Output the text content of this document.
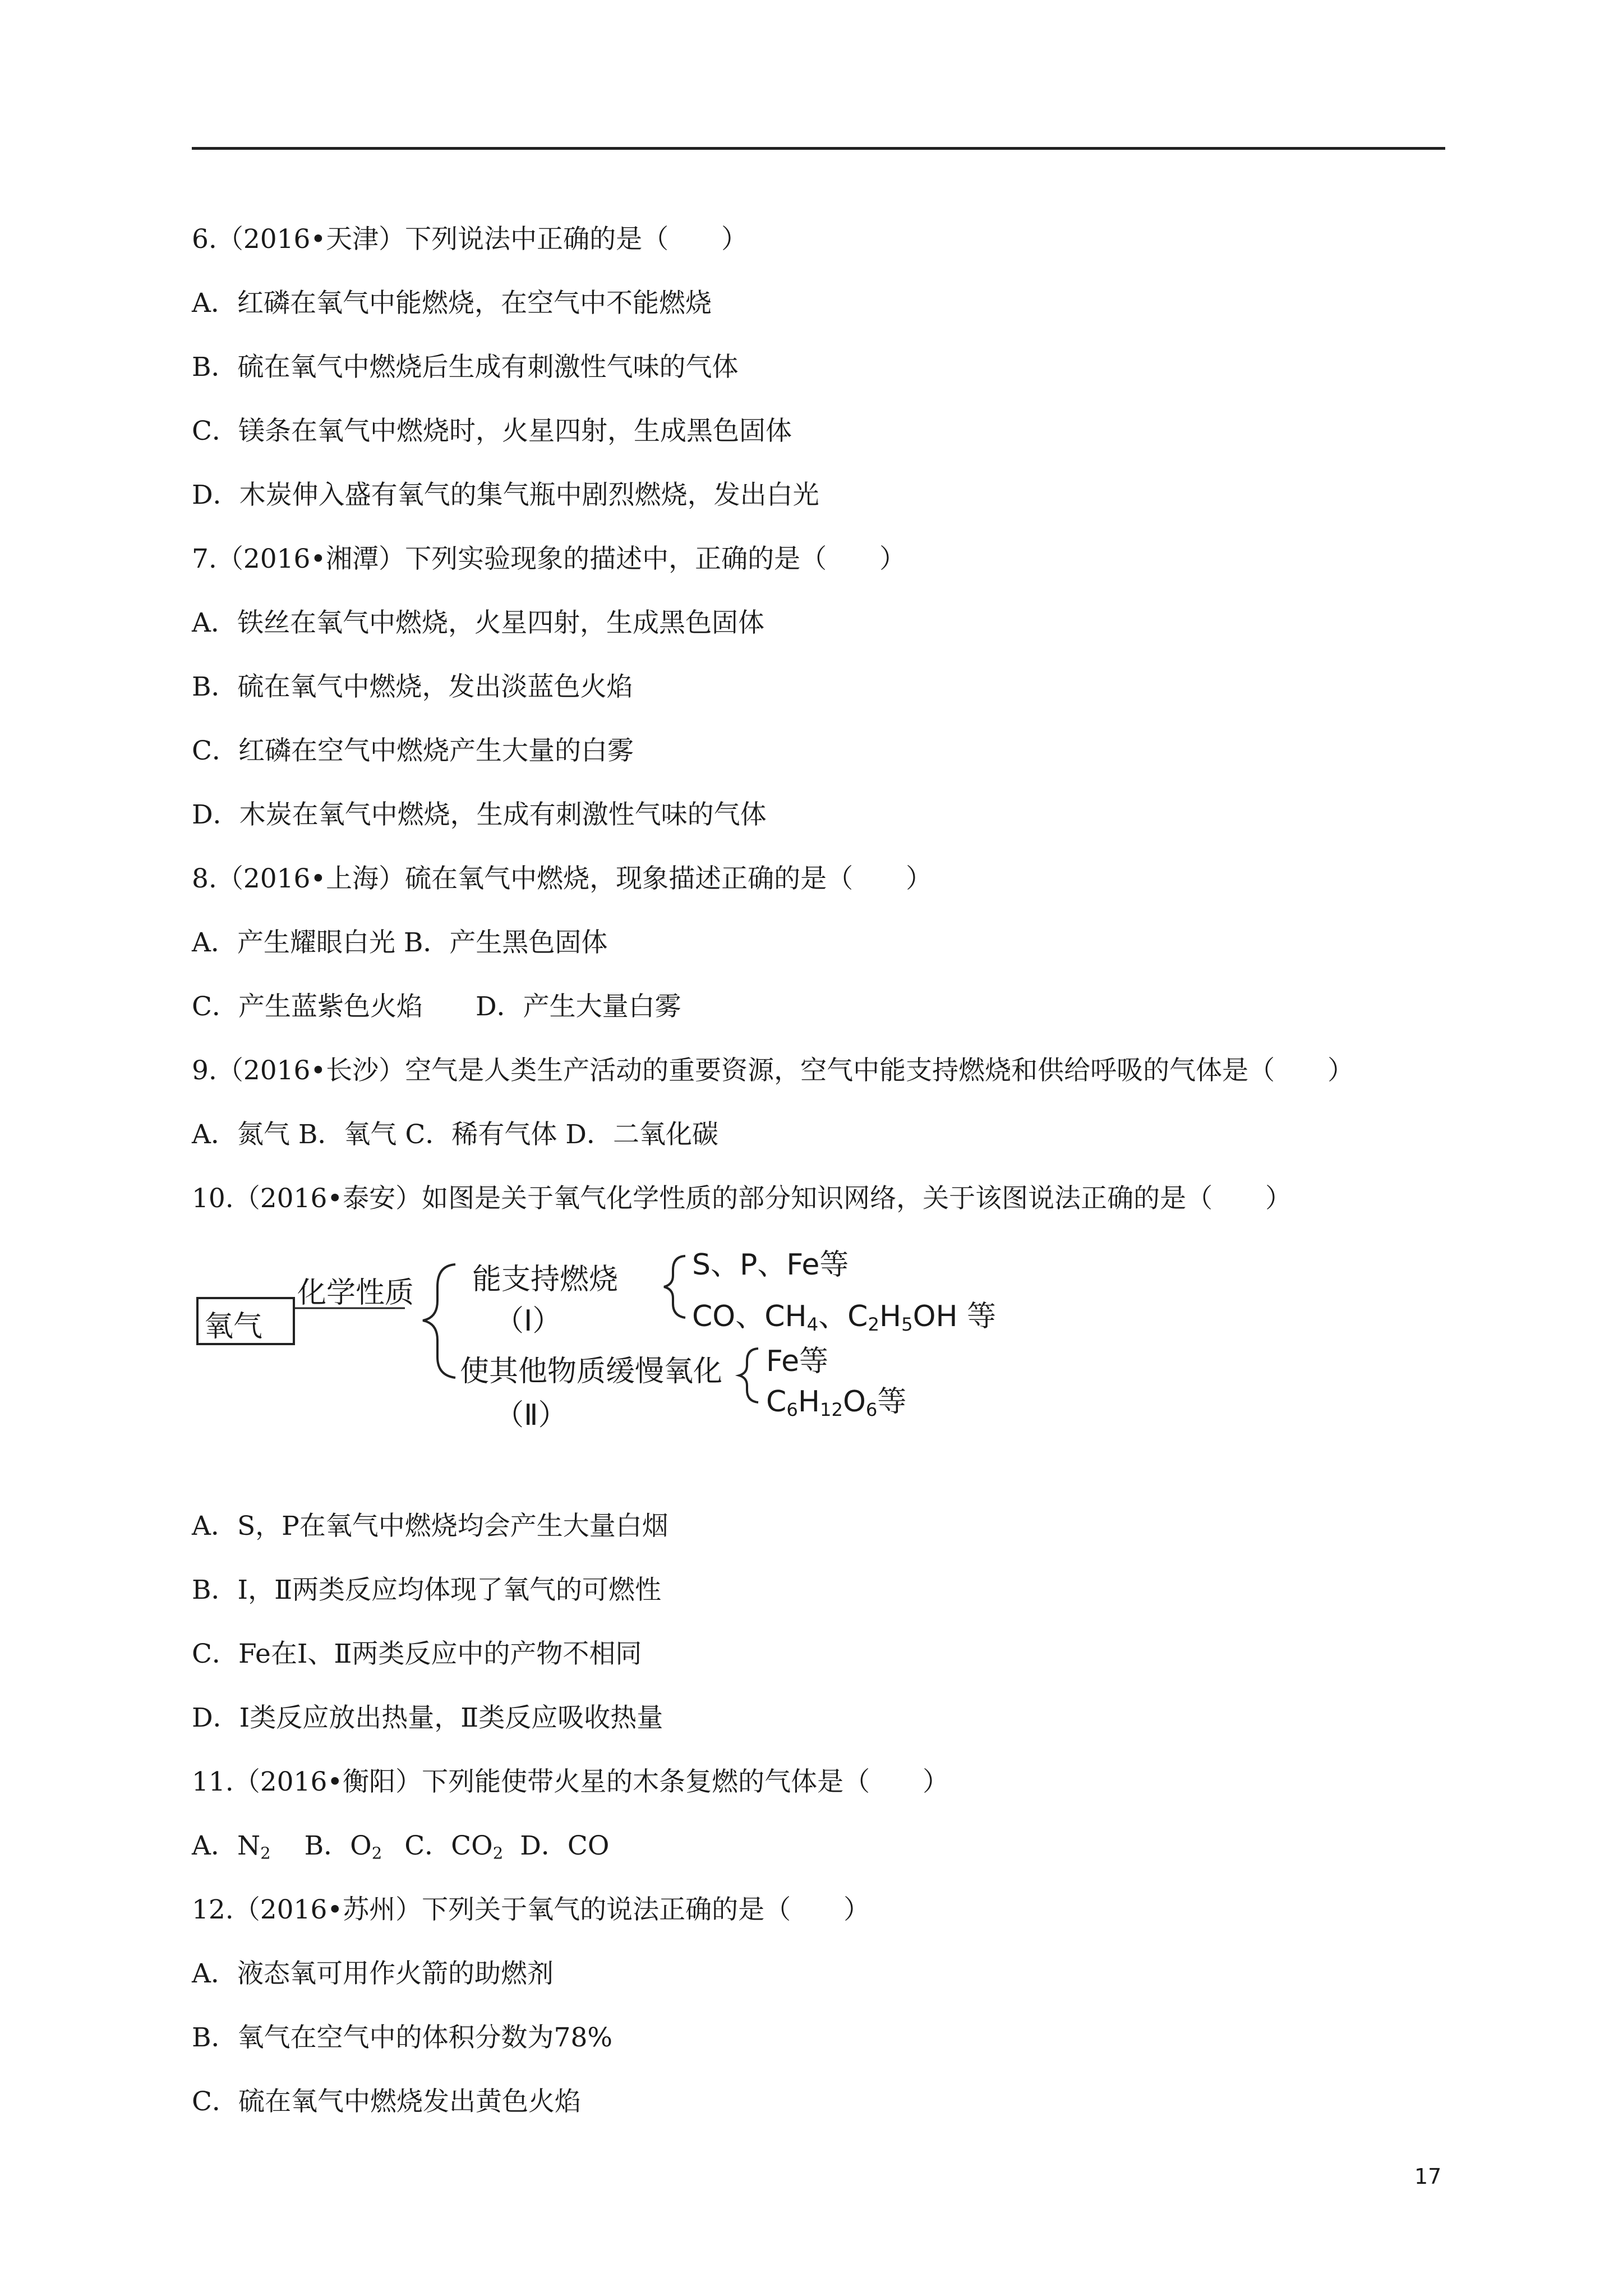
6.（2016•天津）下列说法中正确的是（　　）
A．红磷在氧气中能燃烧，在空气中不能燃烧
B．硫在氧气中燃烧后生成有刺激性气味的气体
C．镁条在氧气中燃烧时，火星四射，生成黑色固体
D．木炭伸入盛有氧气的集气瓶中剧烈燃烧，发出白光
7.（2016•湘潭）下列实验现象的描述中，正确的是（　　）
A．铁丝在氧气中燃烧，火星四射，生成黑色固体
B．硫在氧气中燃烧，发出淡蓝色火焰
C．红磷在空气中燃烧产生大量的白雾
D．木炭在氧气中燃烧，生成有刺激性气味的气体
8.（2016•上海）硫在氧气中燃烧，现象描述正确的是（　　）
A．产生耀眼白光 B．产生黑色固体
C．产生蓝紫色火焰　　D．产生大量白雾
9.（2016•长沙）空气是人类生产活动的重要资源，空气中能支持燃烧和供给呼吸的气体是（　　）
A．氮气 B．氧气 C．稀有气体 D．二氧化碳
10.（2016•泰安）如图是关于氧气化学性质的部分知识网络，关于该图说法正确的是（　　）
氧气
化学性质 能支持燃烧
（Ⅰ）
S、P、Fe等
CO、$CH_4$、$C_2H_5OH$ 等
使其他物质缓慢氧化
（Ⅱ）
Fe等
$C_6H_{12}O_6$等
A．S，P在氧气中燃烧均会产生大量白烟
B．Ⅰ，Ⅱ两类反应均体现了氧气的可燃性
C．Fe在Ⅰ、Ⅱ两类反应中的产物不相同
D．Ⅰ类反应放出热量，Ⅱ类反应吸收热量
11.（2016•衡阳）下列能使带火星的木条复燃的气体是（　　）
A．$N_2$ B．$O_2$ C．$CO_2$ D．CO
12.（2016•苏州）下列关于氧气的说法正确的是（　　）
A．液态氧可用作火箭的助燃剂
B．氧气在空气中的体积分数为78%
C．硫在氧气中燃烧发出黄色火焰
17
